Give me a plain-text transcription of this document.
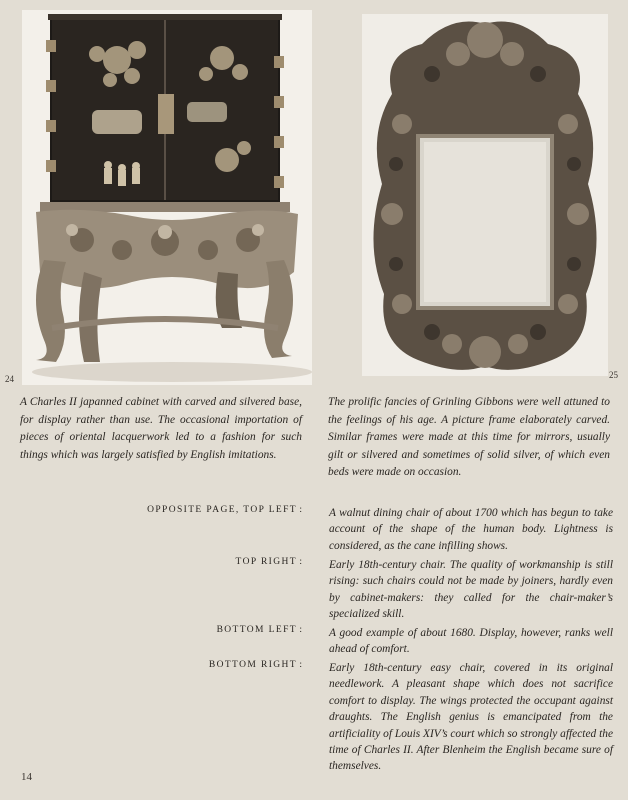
24	25

A Charles II japanned cabinet with carved and silvered base, for display rather than use. The occasional importation of pieces of oriental lacquerwork led to a fashion for such things which was largely satisfied by English imitations.

The prolific fancies of Grinling Gibbons were well attuned to the feelings of his age. A picture frame elaborately carved. Similar frames were made at this time for mirrors, usually gilt or silvered and sometimes of solid silver, of which even beds were made on occasion.

OPPOSITE PAGE, TOP LEFT :	A walnut dining chair of about 1700 which has begun to take account of the shape of the human body. Lightness is considered, as the cane infilling shows.
TOP RIGHT :	Early 18th-century chair. The quality of workmanship is still rising: such chairs could not be made by joiners, hardly even by cabinet-makers: they called for the chair-maker’s specialized skill.
BOTTOM LEFT :	A good example of about 1680. Display, however, ranks well ahead of comfort.
BOTTOM RIGHT :	Early 18th-century easy chair, covered in its original needlework. A pleasant shape which does not sacrifice comfort to display. The wings protected the occupant against draughts. The English genius is emancipated from the artificiality of Louis XIV’s court which so strongly affected the time of Charles II. After Blenheim the English became sure of themselves.
14
